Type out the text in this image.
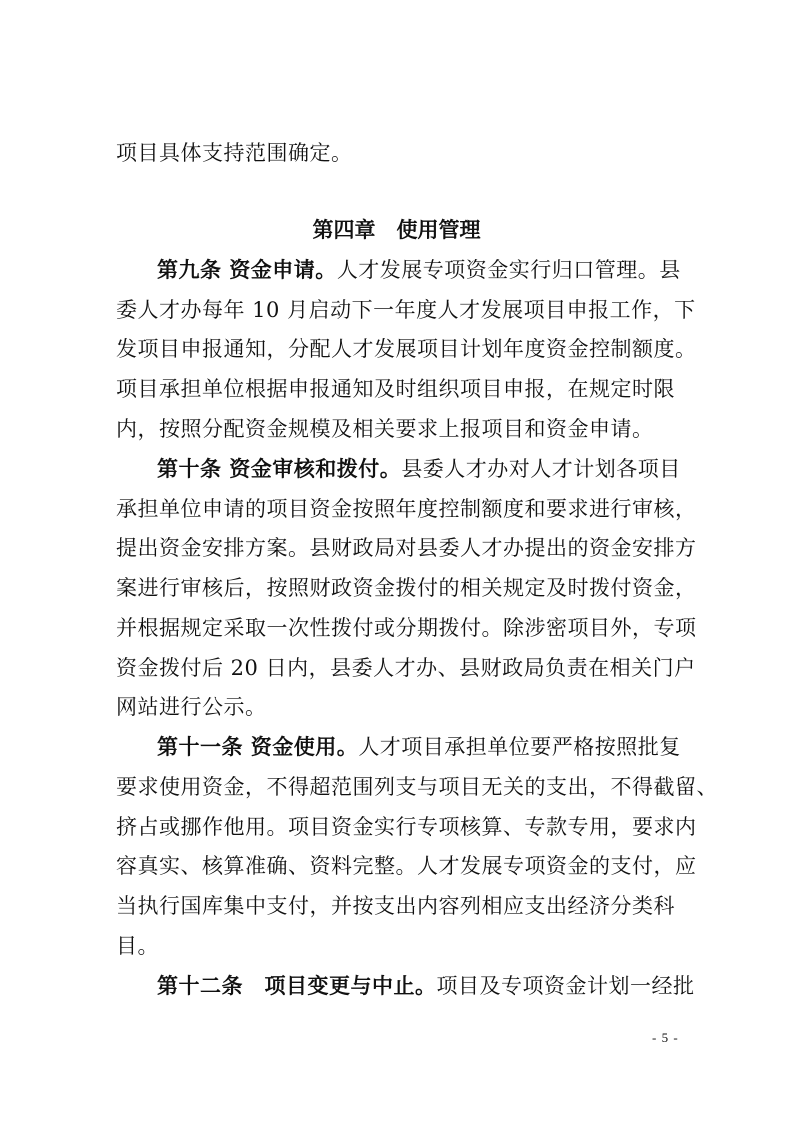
项目具体支持范围确定。
第四章　使用管理
第九条 资金申请。人才发展专项资金实行归口管理。县
委人才办每年 10 月启动下一年度人才发展项目申报工作，下
发项目申报通知，分配人才发展项目计划年度资金控制额度。
项目承担单位根据申报通知及时组织项目申报，在规定时限
内，按照分配资金规模及相关要求上报项目和资金申请。
第十条 资金审核和拨付。县委人才办对人才计划各项目
承担单位申请的项目资金按照年度控制额度和要求进行审核，
提出资金安排方案。县财政局对县委人才办提出的资金安排方
案进行审核后，按照财政资金拨付的相关规定及时拨付资金，
并根据规定采取一次性拨付或分期拨付。除涉密项目外，专项
资金拨付后 20 日内，县委人才办、县财政局负责在相关门户
网站进行公示。
第十一条 资金使用。人才项目承担单位要严格按照批复
要求使用资金，不得超范围列支与项目无关的支出，不得截留、
挤占或挪作他用。项目资金实行专项核算、专款专用，要求内
容真实、核算准确、资料完整。人才发展专项资金的支付，应
当执行国库集中支付，并按支出内容列相应支出经济分类科
目。
第十二条　项目变更与中止。项目及专项资金计划一经批
- 5 -
